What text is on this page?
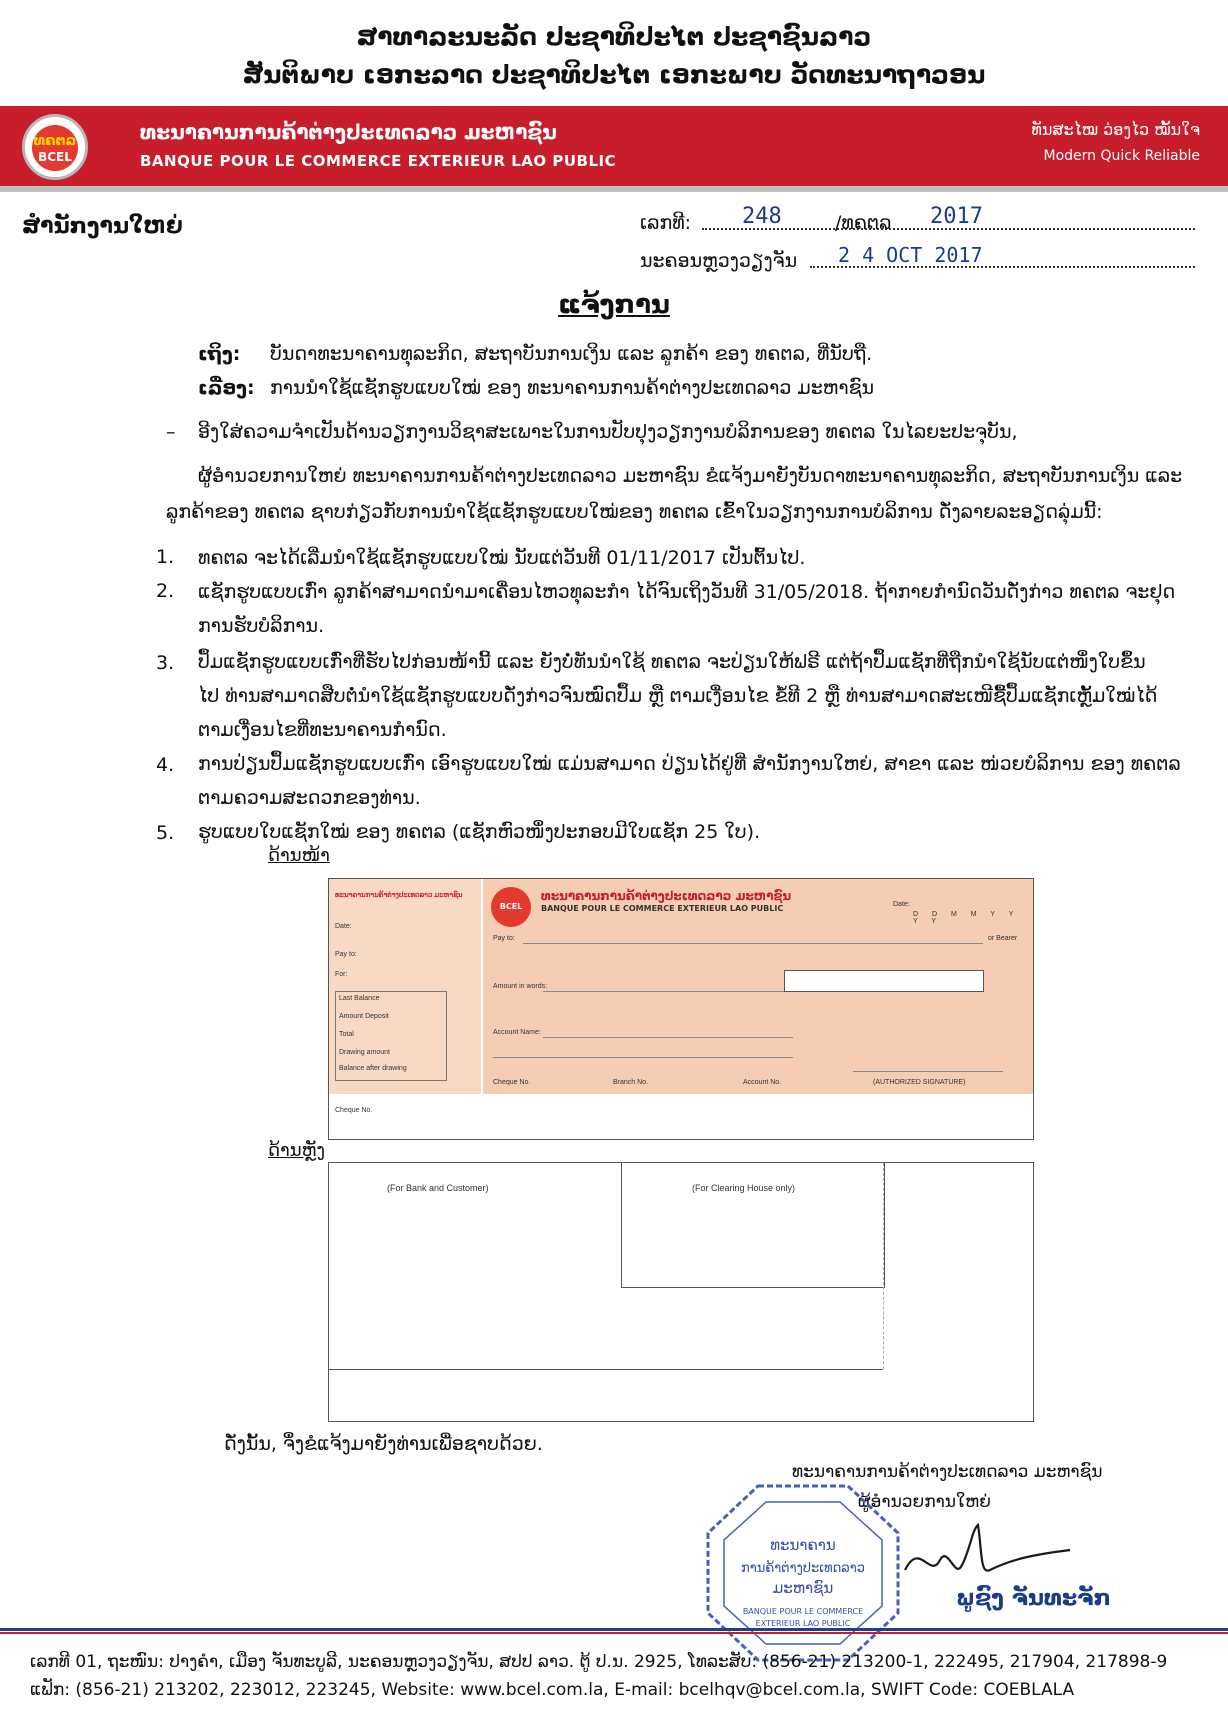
ສາທາລະນະລັດ ປະຊາທິປະໄຕ ປະຊາຊົນລາວ
ສັນຕິພາບ ເອກະລາດ ປະຊາທິປະໄຕ ເອກະພາບ ວັດທະນາຖາວອນ
ທຄຕລ
BCEL
ທະນາຄານການຄ້າຕ່າງປະເທດລາວ ມະຫາຊົນ
BANQUE POUR LE COMMERCE EXTERIEUR LAO PUBLIC
ທັນສະໄໝ ວ່ອງໄວ ໝັ້ນໃຈ
Modern Quick Reliable
ສຳນັກງານໃຫຍ່	ເລກທີ: 248	/ທຄຕລ 2017
ນະຄອນຫຼວງວຽງຈັນ 2 4 OCT 2017
ແຈ້ງການ
ເຖິງ: ບັນດາທະນາຄານທຸລະກິດ, ສະຖາບັນການເງິນ ແລະ ລູກຄ້າ ຂອງ ທຄຕລ, ທີ່ນັບຖື.
ເລື່ອງ: ການນຳໃຊ້ແຊັກຮູບແບບໃໝ່ ຂອງ ທະນາຄານການຄ້າຕ່າງປະເທດລາວ ມະຫາຊົນ
– ອີງໃສ່ຄວາມຈຳເປັນດ້ານວຽກງານວິຊາສະເພາະໃນການປັບປຸງວຽກງານບໍລິການຂອງ ທຄຕລ ໃນໄລຍະປະຈຸບັນ,
ຜູ້ອຳນວຍການໃຫຍ່ ທະນາຄານການຄ້າຕ່າງປະເທດລາວ ມະຫາຊົນ ຂໍແຈ້ງມາຍັງບັນດາທະນາຄານທຸລະກິດ, ສະຖາບັນການເງິນ ແລະ
ລູກຄ້າຂອງ ທຄຕລ ຊາບກ່ຽວກັບການນຳໃຊ້ແຊັກຮູບແບບໃໝ່ຂອງ ທຄຕລ ເຂົ້າໃນວຽກງານການບໍລິການ ດັ່ງລາຍລະອຽດລຸ່ມນີ້:
1. ທຄຕລ ຈະໄດ້ເລີ່ມນຳໃຊ້ແຊັກຮູບແບບໃໝ່ ນັບແຕ່ວັນທີ 01/11/2017 ເປັນຕົ້ນໄປ.
2. ແຊັກຮູບແບບເກົ່າ ລູກຄ້າສາມາດນຳມາເຄື່ອນໄຫວທຸລະກຳ ໄດ້ຈົນເຖິງວັນທີ 31/05/2018. ຖ້າກາຍກຳນົດວັນດັ່ງກ່າວ ທຄຕລ ຈະຢຸດ
ການຮັບບໍລິການ.
3. ປຶ້ມແຊັກຮູບແບບເກົ່າທີ່ຮັບໄປກ່ອນໜ້ານີ້ ແລະ ຍັງບໍ່ທັນນຳໃຊ້ ທຄຕລ ຈະປ່ຽນໃຫ້ຟຣີ ແຕ່ຖ້າປຶ້ມແຊັກທີ່ຖືກນຳໃຊ້ນັບແຕ່ໜຶ່ງໃບຂຶ້ນ
ໄປ ທ່ານສາມາດສືບຕໍ່ນຳໃຊ້ແຊັກຮູບແບບດັ່ງກ່າວຈົນໝົດປຶ້ມ ຫຼື ຕາມເງື່ອນໄຂ ຂໍ້ທີ 2 ຫຼື ທ່ານສາມາດສະເໜີຊື້ປຶ້ມແຊັກເຫຼັ້ມໃໝ່ໄດ້
ຕາມເງື່ອນໄຂທີ່ທະນາຄານກຳນົດ.
4. ການປ່ຽນປຶ້ມແຊັກຮູບແບບເກົ່າ ເອົາຮູບແບບໃໝ່ ແມ່ນສາມາດ ປ່ຽນໄດ້ຢູ່ທີ່ ສຳນັກງານໃຫຍ່, ສາຂາ ແລະ ໜ່ວຍບໍລິການ ຂອງ ທຄຕລ
ຕາມຄວາມສະດວກຂອງທ່ານ.
5. ຮູບແບບໃບແຊັກໃໝ່ ຂອງ ທຄຕລ (ແຊັກຫົວໜຶ່ງປະກອບມີໃບແຊັກ 25 ໃບ).
ດ້ານໜ້າ
ທະນາຄານການຄ້າຕ່າງປະເທດລາວ ມະຫາຊົນ
Date:
Pay to:
For:
Last Balance
Amount Deposit
Total
Drawing amount
Balance after drawing
Cheque No.
BCEL
ທະນາຄານການຄ້າຕ່າງປະເທດລາວ ມະຫາຊົນ
BANQUE POUR LE COMMERCE EXTERIEUR LAO PUBLIC	Date:
D D M M Y Y Y Y
Pay to:	or Bearer
Amount in words:
Account Name:
Cheque No.	Branch No.	Account No.	(AUTHORIZED SIGNATURE)
ດ້ານຫຼັງ
(For Bank and Customer)	(For Clearing House only)
ດັ່ງນັ້ນ, ຈຶ່ງຂໍແຈ້ງມາຍັງທ່ານເພື່ອຊາບດ້ວຍ.
ທະນາຄານການຄ້າຕ່າງປະເທດລາວ ມະຫາຊົນ
ຜູ້ອຳນວຍການໃຫຍ່
ທະນາຄານ
ການຄ້າຕ່າງປະເທດລາວ
ມະຫາຊົນ
BANQUE POUR LE COMMERCE
EXTERIEUR LAO PUBLIC
ພູຊົງ ຈັນທະຈັກ
ເລກທີ 01, ຖະໜົນ: ປາງຄຳ, ເມືອງ ຈັນທະບູລີ, ນະຄອນຫຼວງວຽງຈັນ, ສປປ ລາວ. ຕູ້ ປ.ນ. 2925, ໂທລະສັບ: (856-21) 213200-1, 222495, 217904, 217898-9
ແຟັກ: (856-21) 213202, 223012, 223245, Website: www.bcel.com.la, E-mail: bcelhqv@bcel.com.la, SWIFT Code: COEBLALA
